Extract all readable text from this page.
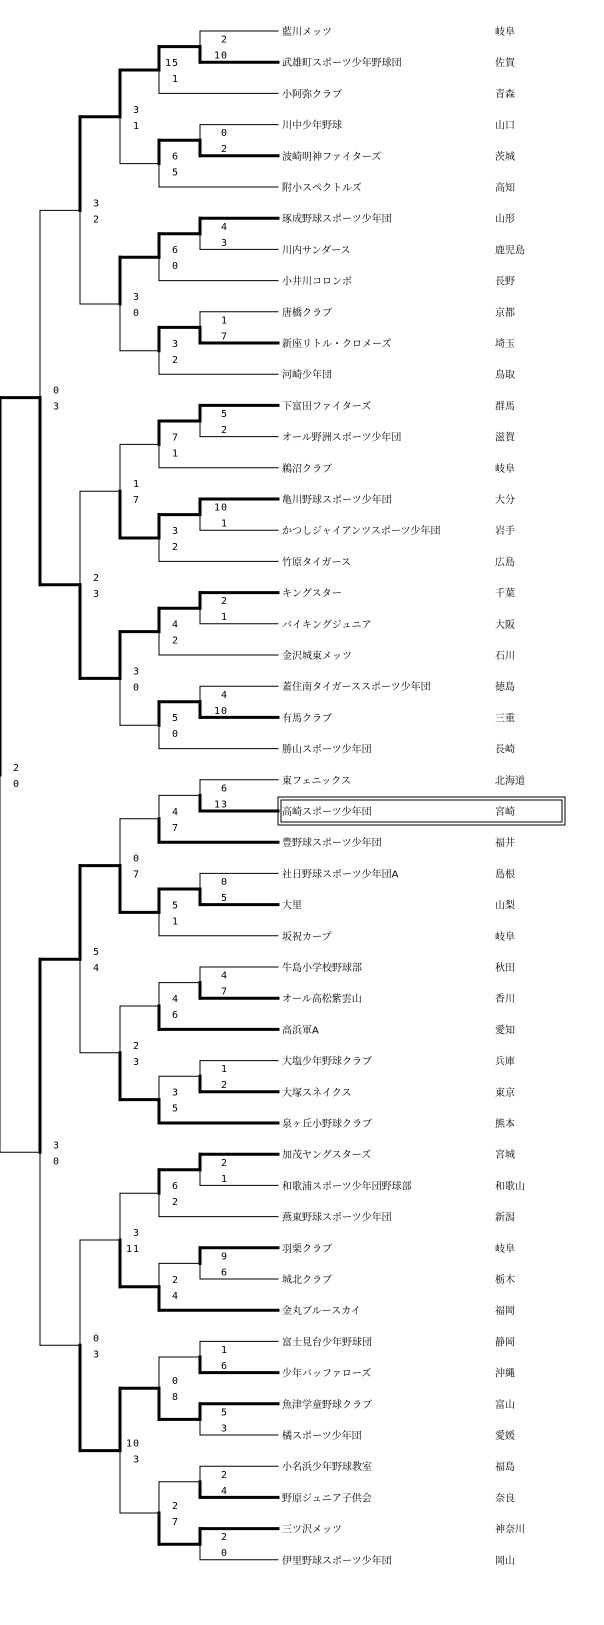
藍川メッツ	岐阜
武雄町スポーツ少年野球団	佐賀
小阿弥クラブ	青森
川中少年野球	山口
波崎明神ファイターズ	茨城
附小スペクトルズ	高知
琢成野球スポーツ少年団	山形
川内サンダース	鹿児島
小井川コロンボ	長野
唐橋クラブ	京都
新座リトル・クロメーズ	埼玉
河崎少年団	鳥取
下富田ファイターズ	群馬
オール野洲スポーツ少年団	滋賀
鵜沼クラブ	岐阜
亀川野球スポーツ少年団	大分
かつしジャイアンツスポーツ少年団	岩手
竹原タイガース	広島
キングスター	千葉
バイキングジュニア	大阪
金沢城東メッツ	石川
蓋住南タイガーススポーツ少年団	徳島
有馬クラブ	三重
勝山スポーツ少年団	長崎
東フェニックス	北海道
高崎スポーツ少年団	宮崎
豊野球スポーツ少年団	福井
社日野球スポーツ少年団A	島根
大里	山梨
坂祝カープ	岐阜
牛島小学校野球部	秋田
オール高松紫雲山	香川
高浜軍A	愛知
大塩少年野球クラブ	兵庫
大塚スネイクス	東京
泉ヶ丘小野球クラブ	熊本
加茂ヤングスターズ	宮城
和歌浦スポーツ少年団野球部	和歌山
燕東野球スポーツ少年団	新潟
羽栗クラブ	岐阜
城北クラブ	栃木
金丸ブルースカイ	福岡
富士見台少年野球団	静岡
少年バッファローズ	沖縄
魚津学童野球クラブ	富山
橘スポーツ少年団	愛媛
小名浜少年野球教室	福島
野原ジュニア子供会	奈良
三ツ沢メッツ	神奈川
伊里野球スポーツ少年団	岡山
2
10
15
1
0
2
6
5
3
1
4
3
6
0
1
7
3
2
3
0
3
2
5
2
7
1
10
1
3
2
1
7
2
1
4
2
4
10
5
0
3
0
2
3
0
3
6
13
4
7
0
5
5
1
0
7
4
7
4
6
1
2
3
5
2
3
5
4
2
1
6
2
9
6
2
4
3
11
1
6
5
3
0
8
2
4
2
0
2
7
10
3
0
3
3
0
2
0
